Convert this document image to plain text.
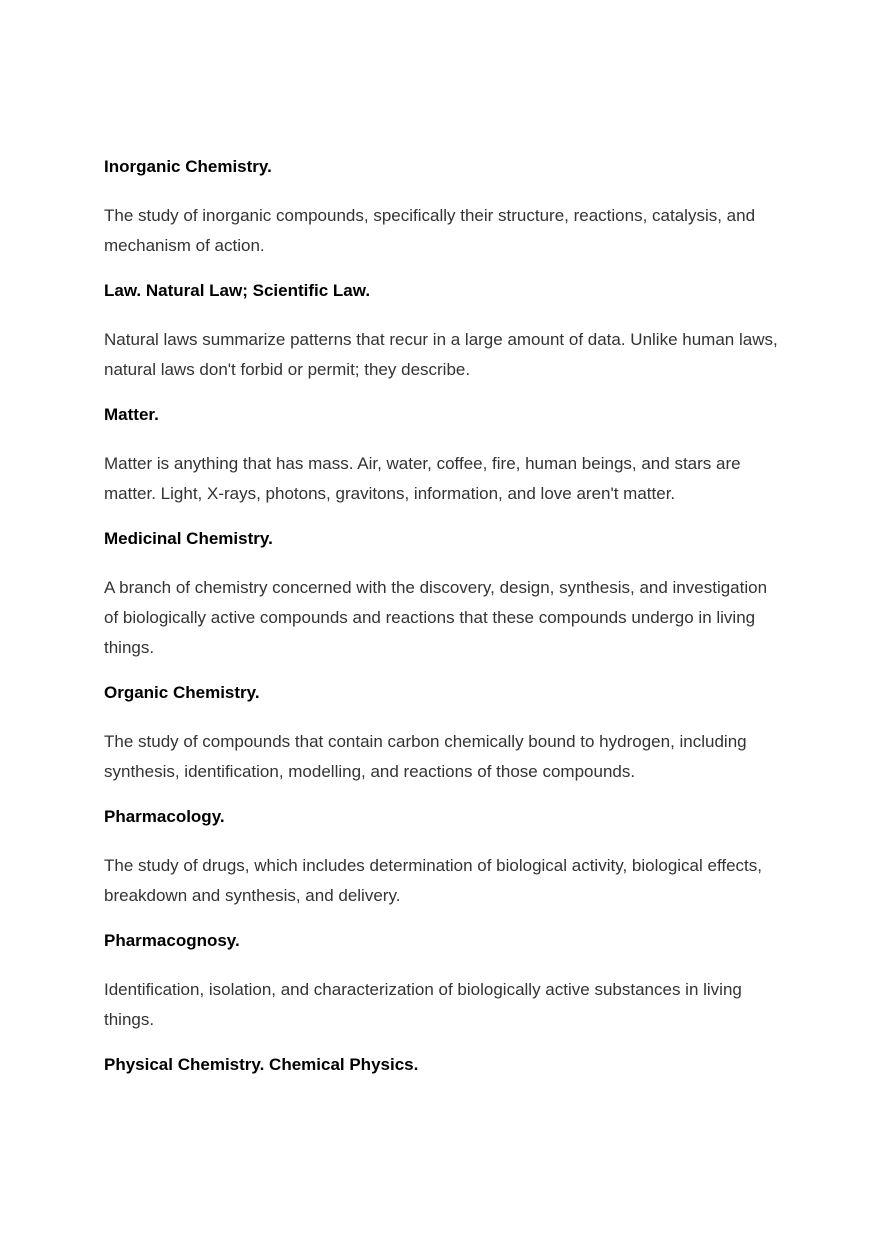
Inorganic Chemistry.
The study of inorganic compounds, specifically their structure, reactions, catalysis, and mechanism of action.
Law. Natural Law; Scientific Law.
Natural laws summarize patterns that recur in a large amount of data. Unlike human laws, natural laws don't forbid or permit; they describe.
Matter.
Matter is anything that has mass. Air, water, coffee, fire, human beings, and stars are matter. Light, X-rays, photons, gravitons, information, and love aren't matter.
Medicinal Chemistry.
A branch of chemistry concerned with the discovery, design, synthesis, and investigation of biologically active compounds and reactions that these compounds undergo in living things.
Organic Chemistry.
The study of compounds that contain carbon chemically bound to hydrogen, including synthesis, identification, modelling, and reactions of those compounds.
Pharmacology.
The study of drugs, which includes determination of biological activity, biological effects, breakdown and synthesis, and delivery.
Pharmacognosy.
Identification, isolation, and characterization of biologically active substances in living things.
Physical Chemistry. Chemical Physics.
